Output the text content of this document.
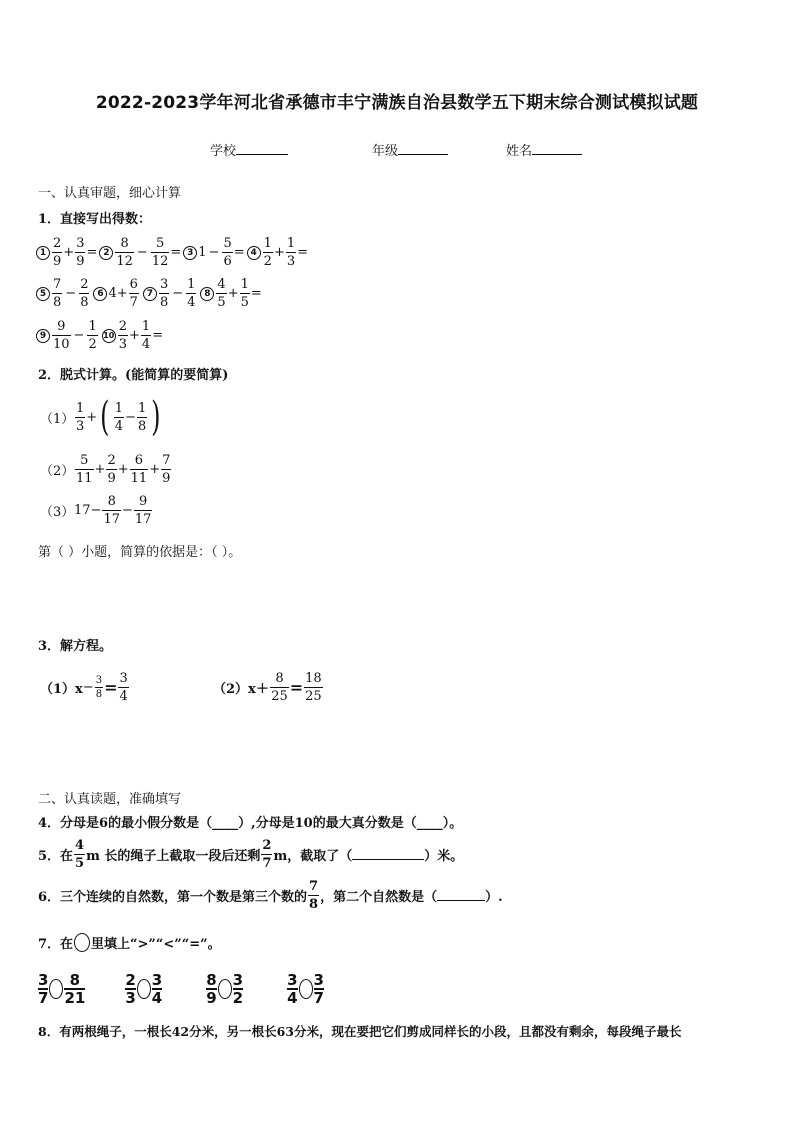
2022-2023学年河北省承德市丰宁满族自治县数学五下期末综合测试模拟试题
学校	年级	姓名
一、认真审题，细心计算
1．直接写出得数：
$1 \frac{2}{9} + \frac{3}{9} = 2 \frac{8}{12} - \frac{5}{12} = 3$ $1 - \frac{5}{6} = 4 \frac{1}{2} + \frac{1}{3}$ =
$5 \frac{7}{8} - \frac{2}{8} 6$ $4 + \frac{6}{7} 7 \frac{3}{8} - \frac{1}{4} 8 \frac{4}{5} + \frac{1}{5}$ =
$9 \frac{9}{10} - \frac{1}{2} 10 \frac{2}{3} + \frac{1}{4}$ =
2．脱式计算。(能简算的要简算)
$(1) \frac{1}{3}$ + ( $\frac{1}{4} - \frac{1}{8}$ )
$(2) \frac{5}{11} + \frac{2}{9} + \frac{6}{11} + \frac{7}{9}$
（3） $17 - \frac{8}{17} - \frac{9}{17}$
第（ ）小题，简算的依据是：（ ）。
3．解方程。
$(1)x - \frac{3}{8} = \frac{3}{4}$	$(2)x + \frac{8}{25} = \frac{18}{25}$
二、认真读题，准确填写
4．分母是6的最小假分数是（____）,分母是10的最大真分数是（____）。
5．在 $\frac{4}{5}$ m 长的绳子上截取一段后还剩 $\frac{2}{7}$ m，截取了（	）米。
6．三个连续的自然数，第一个数是第三个数的 $\frac{7}{8}$ ，第二个自然数是（	）.
7．在 里填上“>”“<”“=”。
$\frac{3}{7} \frac{8}{21}$	$\frac{2}{3} \frac{3}{4}$	$\frac{8}{9} \frac{3}{2}$	$\frac{3}{4} \frac{3}{7}$
8．有两根绳子，一根长42分米，另一根长63分米，现在要把它们剪成同样长的小段，且都没有剩余，每段绳子最长
